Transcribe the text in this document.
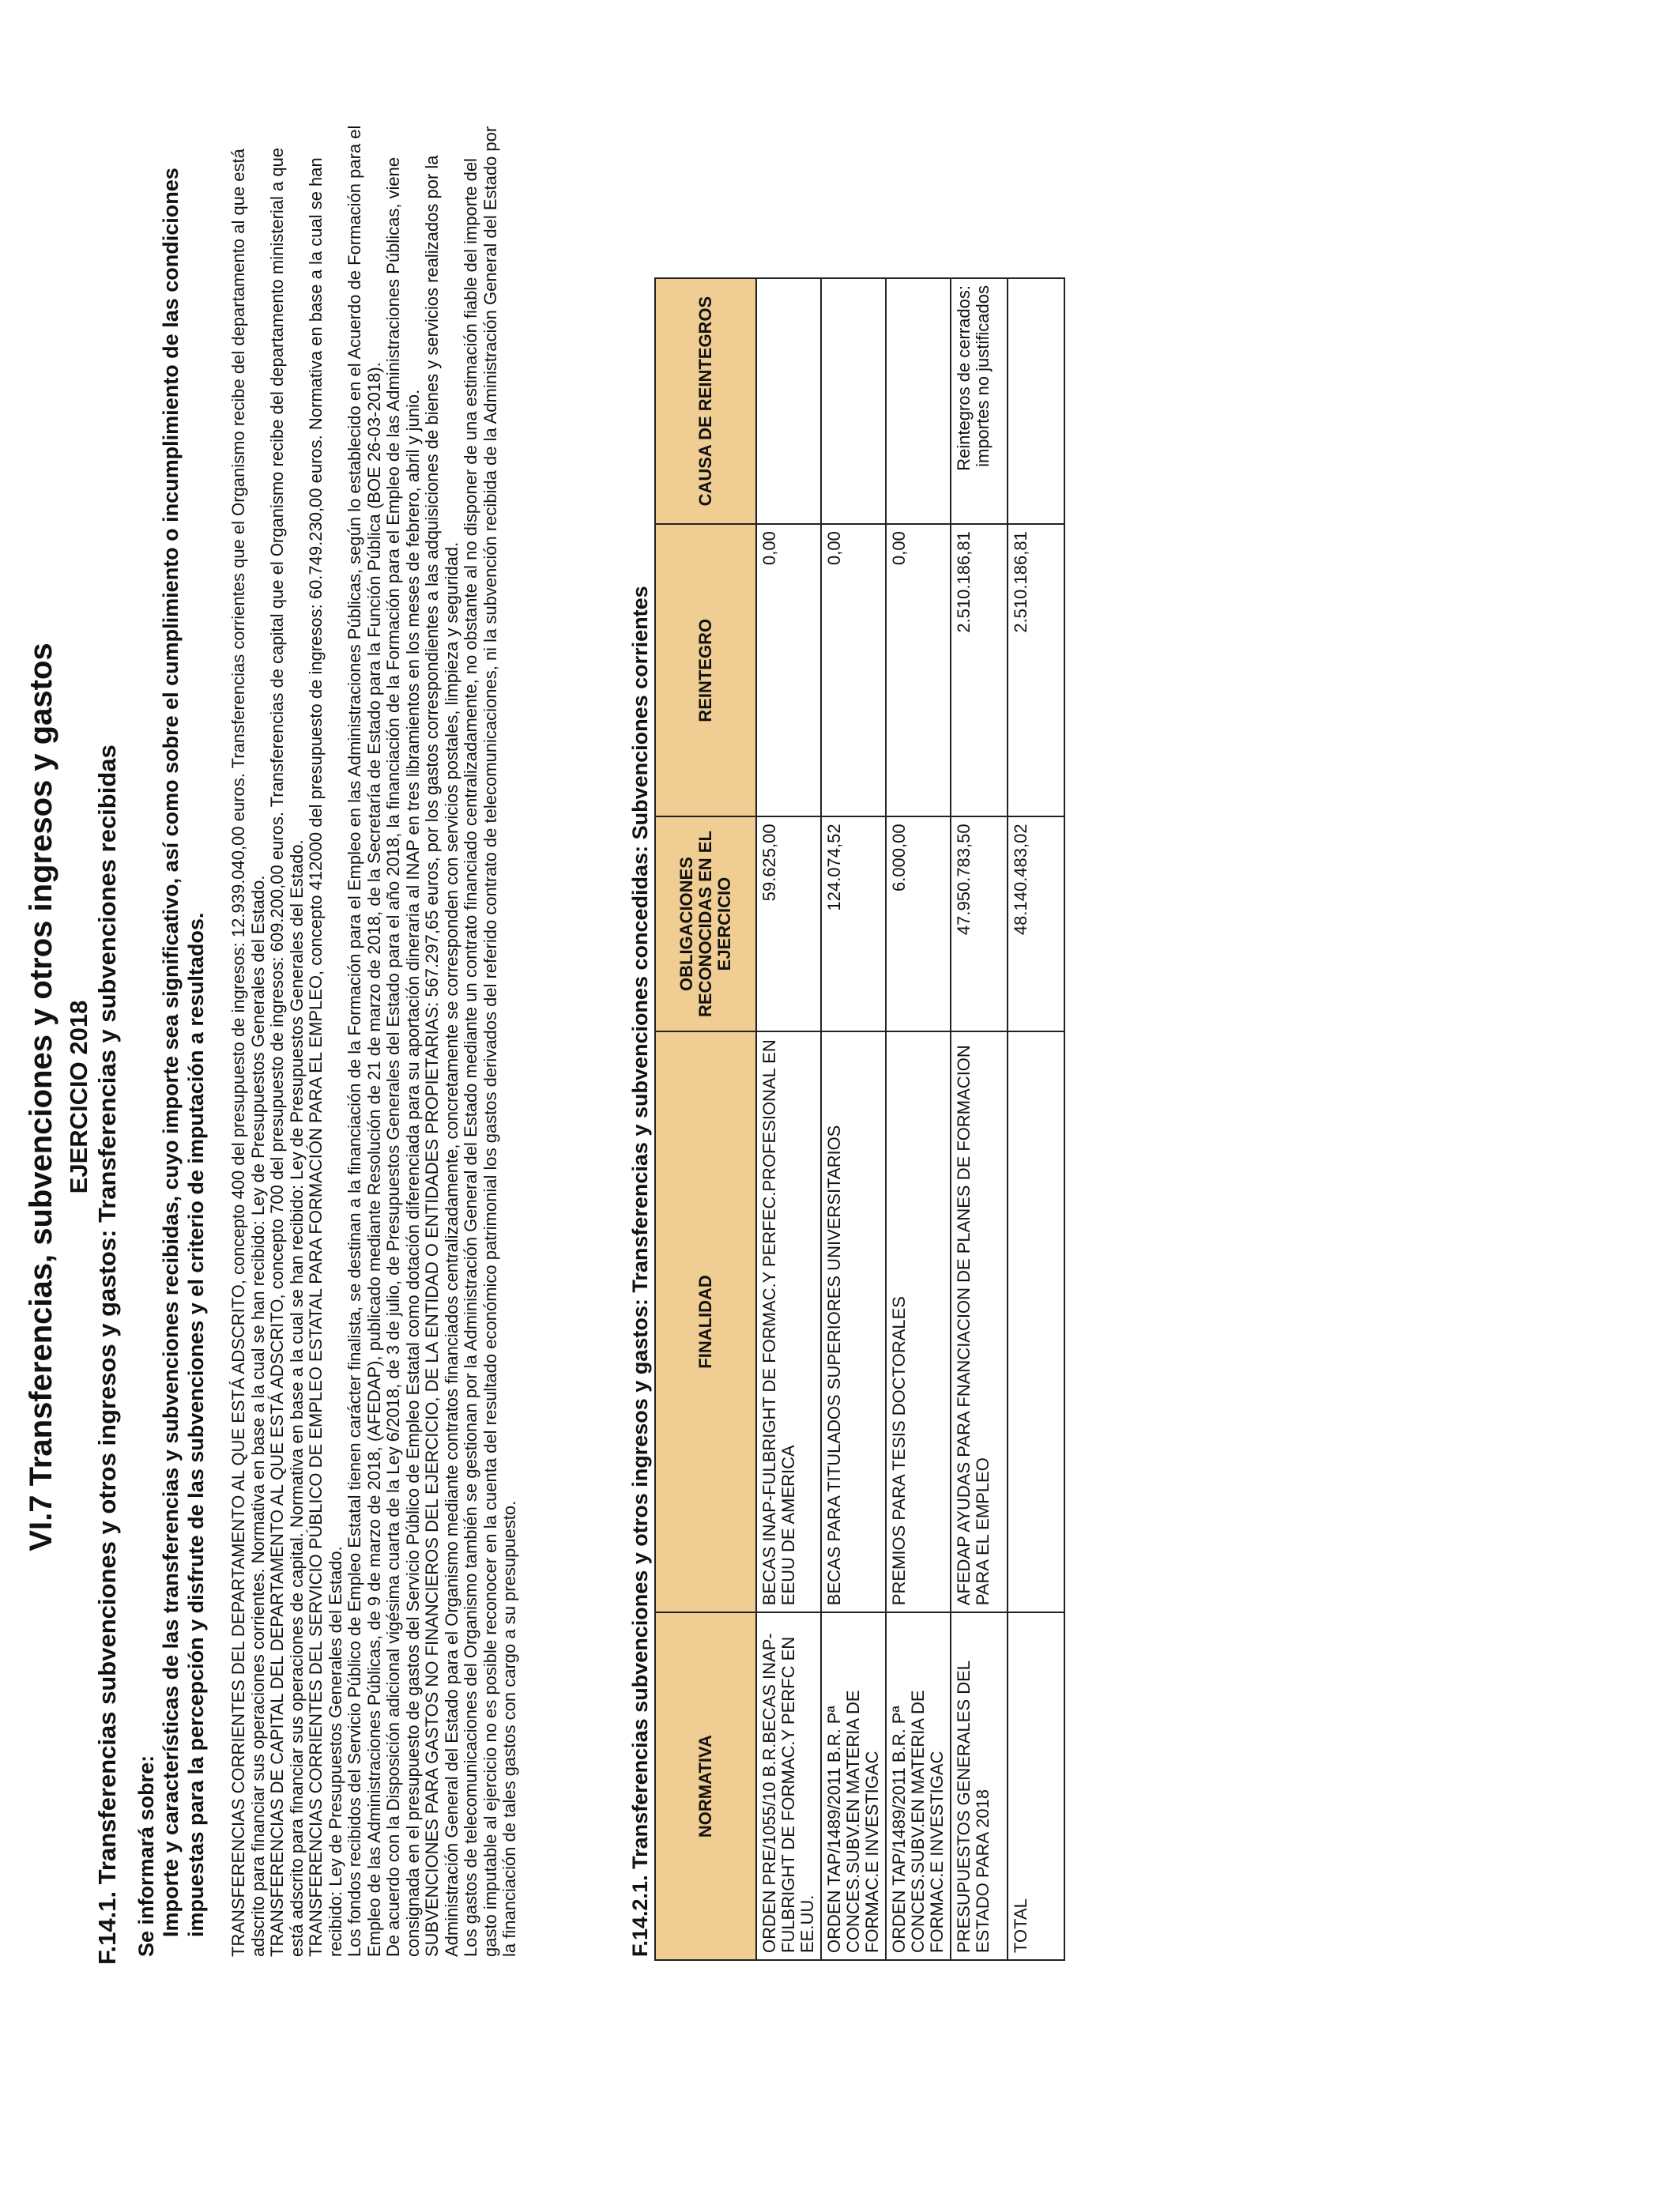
VI.7 Transferencias, subvenciones y otros ingresos y gastos EJERCICIO 2018 F.14.1. Transferencias subvenciones y otros ingresos y gastos: Transferencias y subvenciones recibidas Se informará sobre: Importe y características de las transferencias y subvenciones recibidas, cuyo importe sea significativo, así como sobre el cumplimiento o incumplimiento de las condiciones impuestas para la percepción y disfrute de las subvenciones y el criterio de imputación a resultados. TRANSFERENCIAS CORRIENTES DEL DEPARTAMENTO AL QUE ESTÁ ADSCRITO, concepto 400 del presupuesto de ingresos: 12.939.040,00 euros. Transferencias corrientes que el Organismo recibe del departamento al que está adscrito para financiar sus operaciones corrientes. Normativa en base a la cual se han recibido: Ley de Presupuestos Generales del Estado. TRANSFERENCIAS DE CAPITAL DEL DEPARTAMENTO AL QUE ESTÁ ADSCRITO, concepto 700 del presupuesto de ingresos: 609.200,00 euros. Transferencias de capital que el Organismo recibe del departamento ministerial a que está adscrito para financiar sus operaciones de capital. Normativa en base a la cual se han recibido: Ley de Presupuestos Generales del Estado. TRANSFERENCIAS CORRIENTES DEL SERVICIO PÚBLICO DE EMPLEO ESTATAL PARA FORMACIÓN PARA EL EMPLEO, concepto 412000 del presupuesto de ingresos: 60.749.230,00 euros. Normativa en base a la cual se han recibido: Ley de Presupuestos Generales del Estado. Los fondos recibidos del Servicio Público de Empleo Estatal tienen carácter finalista, se destinan a la financiación de la Formación para el Empleo en las Administraciones Públicas, según lo establecido en el Acuerdo de Formación para el Empleo de las Administraciones Públicas, de 9 de marzo de 2018, (AFEDAP), publicado mediante Resolución de 21 de marzo de 2018, de la Secretaría de Estado para la Función Pública (BOE 26-03-2018). De acuerdo con la Disposición adicional vigésima cuarta de la Ley 6/2018, de 3 de julio, de Presupuestos Generales del Estado para el año 2018, la financiación de la Formación para el Empleo de las Administraciones Públicas, viene consignada en el presupuesto de gastos del Servicio Público de Empleo Estatal como dotación diferenciada para su aportación dineraria al INAP en tres libramientos en los meses de febrero, abril y junio. SUBVENCIONES PARA GASTOS NO FINANCIEROS DEL EJERCICIO, DE LA ENTIDAD O ENTIDADES PROPIETARIAS: 567.297,65 euros, por los gastos correspondientes a las adquisiciones de bienes y servicios realizados por la Administración General del Estado para el Organismo mediante contratos financiados centralizadamente, concretamente se corresponden con servicios postales, limpieza y seguridad. Los gastos de telecomunicaciones del Organismo también se gestionan por la Administración General del Estado mediante un contrato financiado centralizadamente, no obstante al no disponer de una estimación fiable del importe del gasto imputable al ejercicio no es posible reconocer en la cuenta del resultado económico patrimonial los gastos derivados del referido contrato de telecomunicaciones, ni la subvención recibida de la Administración General del Estado por la financiación de tales gastos con cargo a su presupuesto.	F.14.2.1. Transferencias subvenciones y otros ingresos y gastos: Transferencias y subvenciones concedidas: Subvenciones corrientes	NORMATIVA	FINALIDAD	OBLIGACIONES RECONOCIDAS EN EL EJERCICIO	REINTEGRO	CAUSA DE REINTEGROS
ORDEN PRE/1055/10 B.R.BECAS INAP-FULBRIGHT DE FORMAC.Y PERFC EN EE.UU.	BECAS INAP-FULBRIGHT DE FORMAC.Y PERFEC.PROFESIONAL EN EEUU DE AMERICA	59.625,00	0,00	
ORDEN TAP/1489/2011 B.R. Pª CONCES.SUBV.EN MATERIA DE FORMAC.E INVESTIGAC	BECAS PARA TITULADOS SUPERIORES UNIVERSITARIOS	124.074,52	0,00	
ORDEN TAP/1489/2011 B.R. Pª CONCES.SUBV.EN MATERIA DE FORMAC.E INVESTIGAC	PREMIOS PARA TESIS DOCTORALES	6.000,00	0,00	
PRESUPUESTOS GENERALES DEL ESTADO PARA 2018	AFEDAP AYUDAS PARA FNANCIACION DE PLANES DE FORMACION PARA EL EMPLEO	47.950.783,50	2.510.186,81	Reintegros de cerrados: importes no justificados
TOTAL		48.140.483,02	2.510.186,81	
